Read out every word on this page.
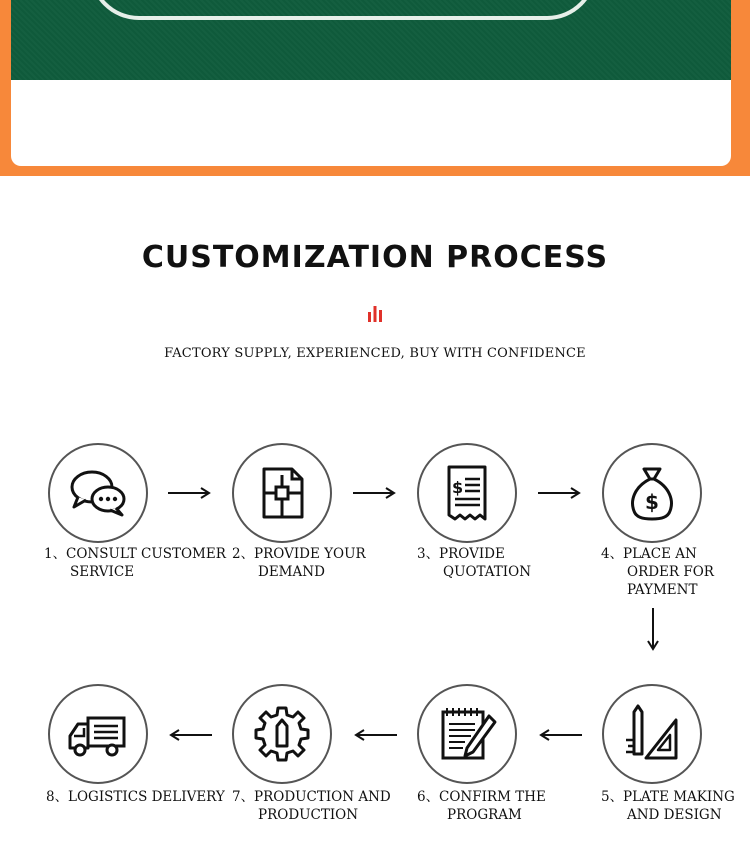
CUSTOMIZATION PROCESS
FACTORY SUPPLY, EXPERIENCED, BUY WITH CONFIDENCE
1、CONSULT CUSTOMER
SERVICE
2、PROVIDE YOUR
DEMAND
$
3、PROVIDE
QUOTATION
$
4、PLACE AN
ORDER FOR
PAYMENT
8、LOGISTICS DELIVERY 7、PRODUCTION AND
PRODUCTION
6、CONFIRM THE
PROGRAM
5、PLATE MAKING
AND DESIGN
